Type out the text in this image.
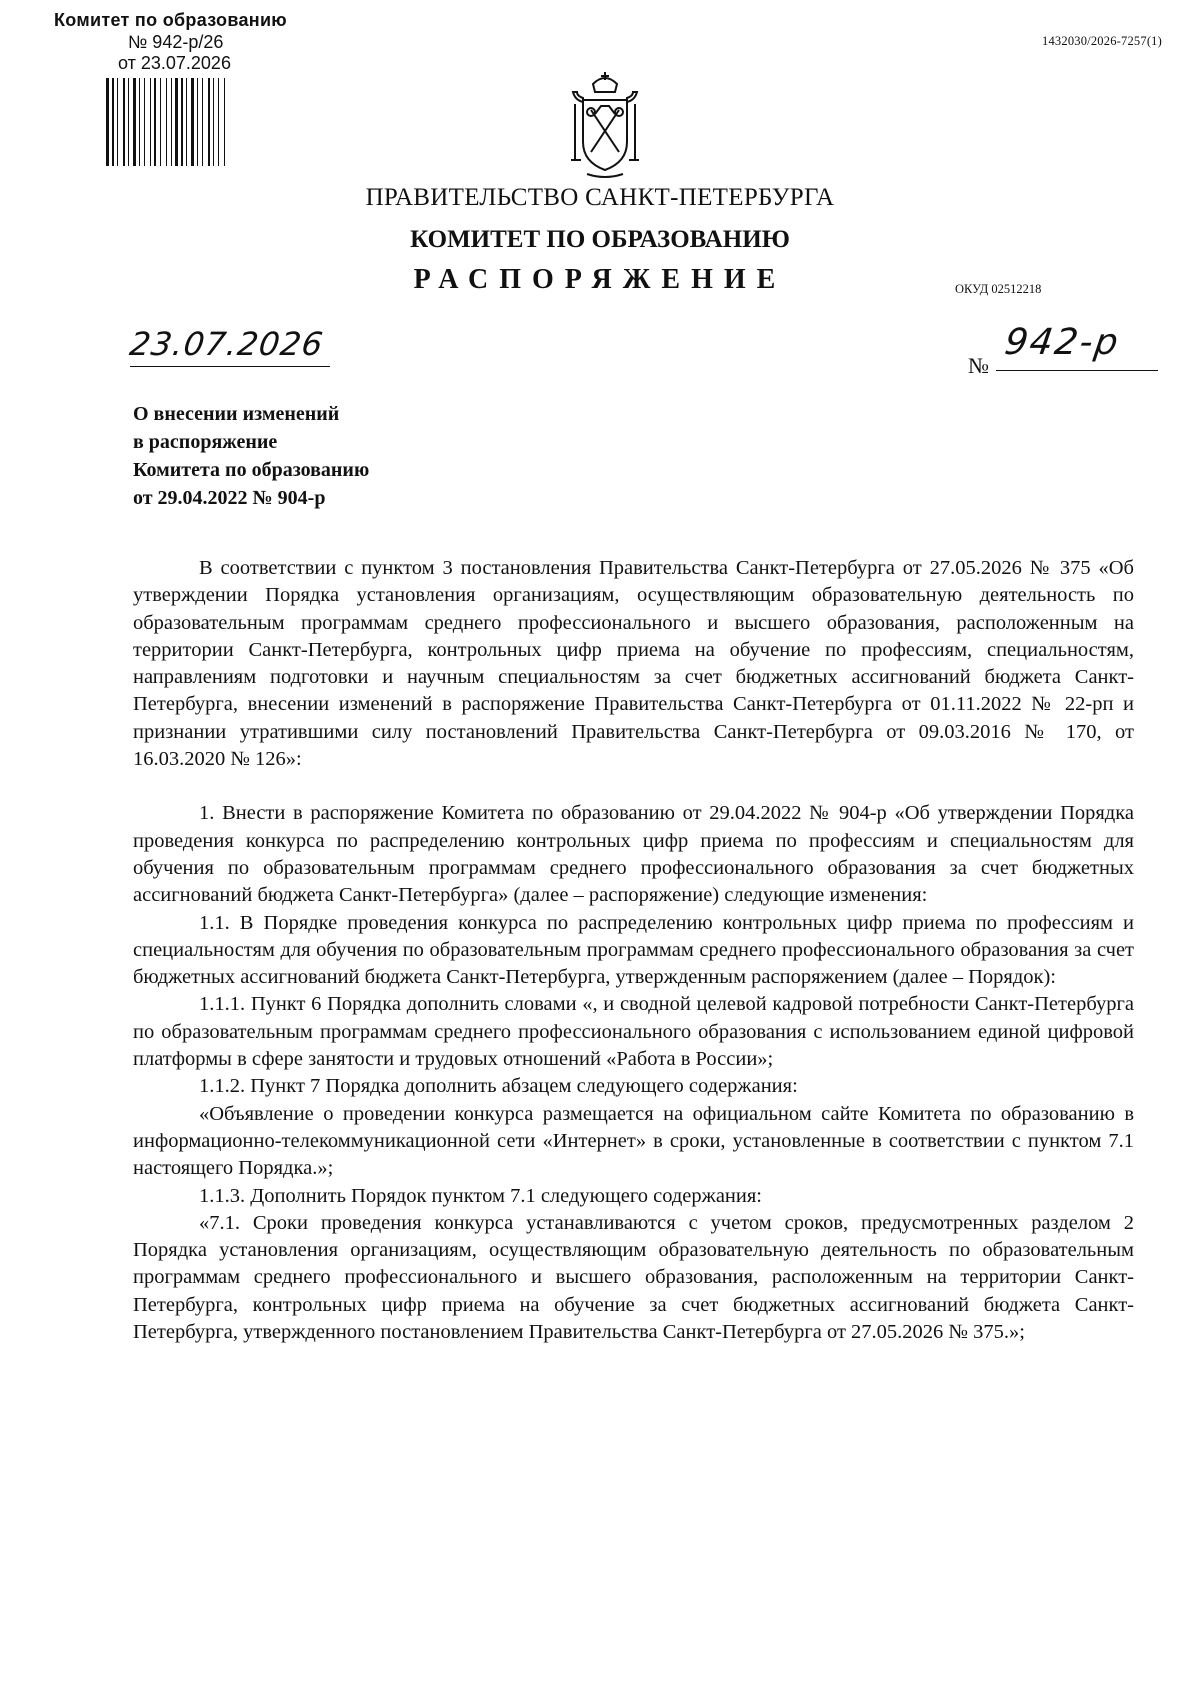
Комитет по образованию
№ 942-р/26
от 23.07.2026
1432030/2026-7257(1)
ПРАВИТЕЛЬСТВО САНКТ-ПЕТЕРБУРГА
КОМИТЕТ ПО ОБРАЗОВАНИЮ
РАСПОРЯЖЕНИЕ	ОКУД 02512218
23.07.2026
№
942-р
О внесении изменений
в распоряжение
Комитета по образованию
от 29.04.2022 № 904-р

В соответствии с пунктом 3 постановления Правительства Санкт-Петербурга от 27.05.2026 № 375 «Об утверждении Порядка установления организациям, осуществляющим образовательную деятельность по образовательным программам среднего профессионального и высшего образования, расположенным на территории Санкт-Петербурга, контрольных цифр приема на обучение по профессиям, специальностям, направлениям подготовки и научным специальностям за счет бюджетных ассигнований бюджета Санкт-Петербурга, внесении изменений в распоряжение Правительства Санкт-Петербурга от 01.11.2022 № 22-рп и признании утратившими силу постановлений Правительства Санкт-Петербурга от 09.03.2016 № 170, от 16.03.2020 № 126»:

1. Внести в распоряжение Комитета по образованию от 29.04.2022 № 904-р «Об утверждении Порядка проведения конкурса по распределению контрольных цифр приема по профессиям и специальностям для обучения по образовательным программам среднего профессионального образования за счет бюджетных ассигнований бюджета Санкт-Петербурга» (далее – распоряжение) следующие изменения:

1.1. В Порядке проведения конкурса по распределению контрольных цифр приема по профессиям и специальностям для обучения по образовательным программам среднего профессионального образования за счет бюджетных ассигнований бюджета Санкт-Петербурга, утвержденным распоряжением (далее – Порядок):

1.1.1. Пункт 6 Порядка дополнить словами «, и сводной целевой кадровой потребности Санкт-Петербурга по образовательным программам среднего профессионального образования с использованием единой цифровой платформы в сфере занятости и трудовых отношений «Работа в России»;

1.1.2. Пункт 7 Порядка дополнить абзацем следующего содержания:

«Объявление о проведении конкурса размещается на официальном сайте Комитета по образованию в информационно-телекоммуникационной сети «Интернет» в сроки, установленные в соответствии с пунктом 7.1 настоящего Порядка.»;

1.1.3. Дополнить Порядок пунктом 7.1 следующего содержания:

«7.1. Сроки проведения конкурса устанавливаются с учетом сроков, предусмотренных разделом 2 Порядка установления организациям, осуществляющим образовательную деятельность по образовательным программам среднего профессионального и высшего образования, расположенным на территории Санкт-Петербурга, контрольных цифр приема на обучение за счет бюджетных ассигнований бюджета Санкт-Петербурга, утвержденного постановлением Правительства Санкт-Петербурга от 27.05.2026 № 375.»;
